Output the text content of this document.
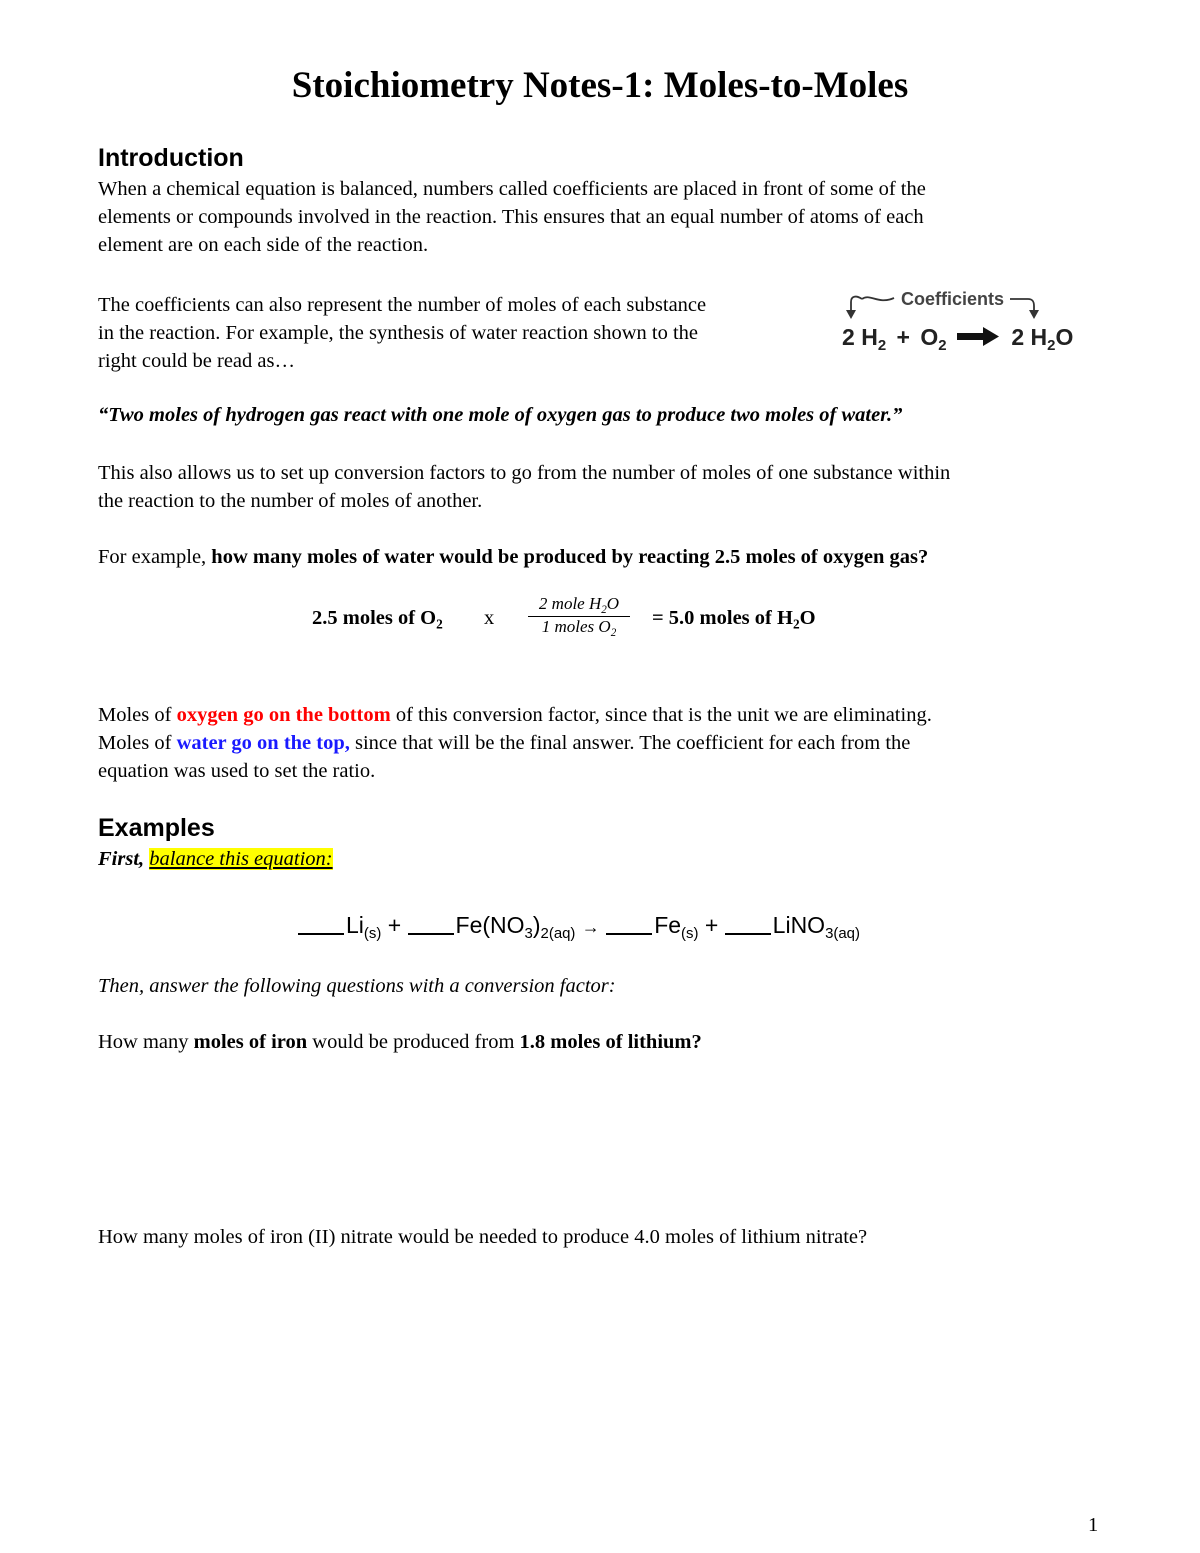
Stoichiometry Notes-1: Moles-to-Moles
Introduction
When a chemical equation is balanced, numbers called coefficients are placed in front of some of the
elements or compounds involved in the reaction. This ensures that an equal number of atoms of each
element are on each side of the reaction.
The coefficients can also represent the number of moles of each substance
in the reaction. For example, the synthesis of water reaction shown to the
right could be read as…
Coefficients
2 $H_2 + O_2 \to 2$ $H_2O$
“Two moles of hydrogen gas react with one mole of oxygen gas to produce two moles of water.”
This also allows us to set up conversion factors to go from the number of moles of one substance within
the reaction to the number of moles of another.
For example, how many moles of water would be produced by reacting 2.5 moles of oxygen gas?
2.5 moles of $O_2$ x
2 mole $H_2O$
1 moles $O_2$
= 5.0 moles of $H_2O$
Moles of oxygen go on the bottom of this conversion factor, since that is the unit we are eliminating.
Moles of water go on the top, since that will be the final answer. The coefficient for each from the
equation was used to set the ratio.
Examples
First, balance this equation:
$Li_{(s)} + Fe(NO_3)_{2(aq)} \to Fe_{(s)}$ + LiNO$_{3(aq)}$
Then, answer the following questions with a conversion factor:
How many moles of iron would be produced from 1.8 moles of lithium?
How many moles of iron (II) nitrate would be needed to produce 4.0 moles of lithium nitrate?
1
